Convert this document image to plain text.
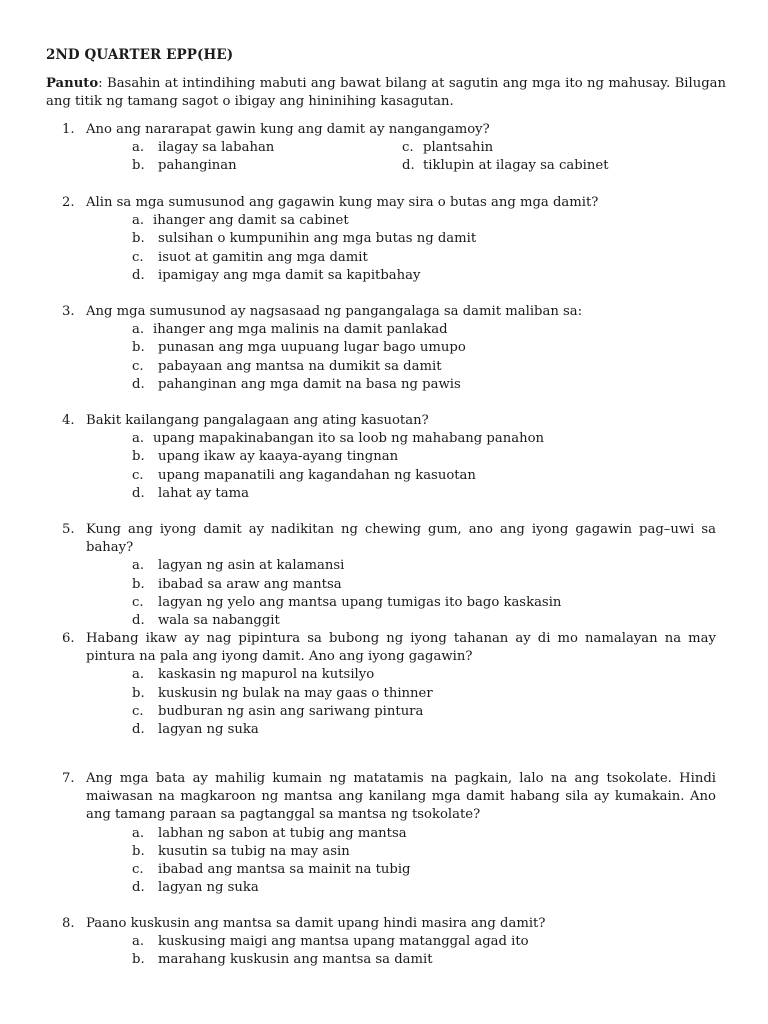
2ND QUARTER EPP(HE)
Panuto: Basahin at intindihing mabuti ang bawat bilang at sagutin ang mga ito ng mahusay. Bilugan ang titik ng tamang sagot o ibigay ang hininihing kasagutan.
1. Ano ang nararapat gawin kung ang damit ay nangangamoy?
a.	ilagay sa labahan	c. plantsahin
b.	pahanginan	d. tiklupin at ilagay sa cabinet
2. Alin sa mga sumusunod ang gagawin kung may sira o butas ang mga damit?
a. ihanger ang damit sa cabinet
b.	sulsihan o kumpunihin ang mga butas ng damit
c.	isuot at gamitin ang mga damit
d.	ipamigay ang mga damit sa kapitbahay
3. Ang mga sumusunod ay nagsasaad ng pangangalaga sa damit maliban sa:
a. ihanger ang mga malinis na damit panlakad
b.	punasan ang mga uupuang lugar bago umupo
c.	pabayaan ang mantsa na dumikit sa damit
d.	pahanginan ang mga damit na basa ng pawis
4. Bakit kailangang pangalagaan ang ating kasuotan?
a. upang mapakinabangan ito sa loob ng mahabang panahon
b.	upang ikaw ay kaaya-ayang tingnan
c.	upang mapanatili ang kagandahan ng kasuotan
d.	lahat ay tama
5. Kung ang iyong damit ay nadikitan ng chewing gum, ano ang iyong gagawin pag–uwi sa bahay?
a.	lagyan ng asin at kalamansi
b.	ibabad sa araw ang mantsa
c.	lagyan ng yelo ang mantsa upang tumigas ito bago kaskasin
d.	wala sa nabanggit
6. Habang ikaw ay nag pipintura sa bubong ng iyong tahanan ay di mo namalayan na may pintura na pala ang iyong damit. Ano ang iyong gagawin?
a.	kaskasin ng mapurol na kutsilyo
b.	kuskusin ng bulak na may gaas o thinner
c.	budburan ng asin ang sariwang pintura
d.	lagyan ng suka
7. Ang mga bata ay mahilig kumain ng matatamis na pagkain, lalo na ang tsokolate. Hindi maiwasan na magkaroon ng mantsa ang kanilang mga damit habang sila ay kumakain. Ano ang tamang paraan sa pagtanggal sa mantsa ng tsokolate?
a.	labhan ng sabon at tubig ang mantsa
b.	kusutin sa tubig na may asin
c.	ibabad ang mantsa sa mainit na tubig
d.	lagyan ng suka
8. Paano kuskusin ang mantsa sa damit upang hindi masira ang damit?
a.	kuskusing maigi ang mantsa upang matanggal agad ito
b.	marahang kuskusin ang mantsa sa damit
